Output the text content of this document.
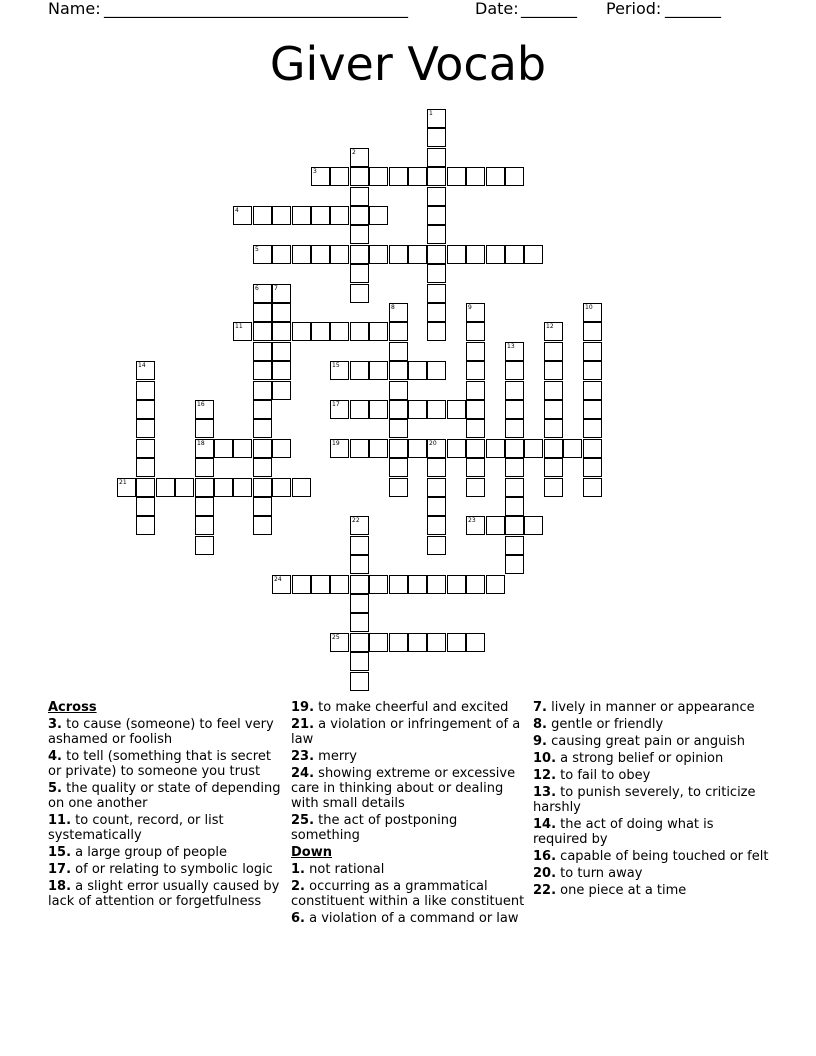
Name:

______________________________________

	Date:

_______

Period:

_______

Giver Vocab
1
2
3
4
5
6	7
8	9	10
11	12
13
14	15
16
18
17
19	20
21
22	23
24
25
Across
3. to cause (someone) to feel very ashamed or foolish
4. to tell (something that is secret or private) to someone you trust
5. the quality or state of depending on one another
11. to count, record, or list systematically
15. a large group of people
17. of or relating to symbolic logic
18. a slight error usually caused by lack of attention or forgetfulness
19. to make cheerful and excited
21. a violation or infringement of a law
23. merry
24. showing extreme or excessive care in thinking about or dealing with small details
25. the act of postponing something
Down
1. not rational
2. occurring as a grammatical constituent within a like constituent
6. a violation of a command or law
7. lively in manner or appearance
8. gentle or friendly
9. causing great pain or anguish
10. a strong belief or opinion
12. to fail to obey
13. to punish severely, to criticize harshly
14. the act of doing what is required by
16. capable of being touched or felt
20. to turn away
22. one piece at a time
